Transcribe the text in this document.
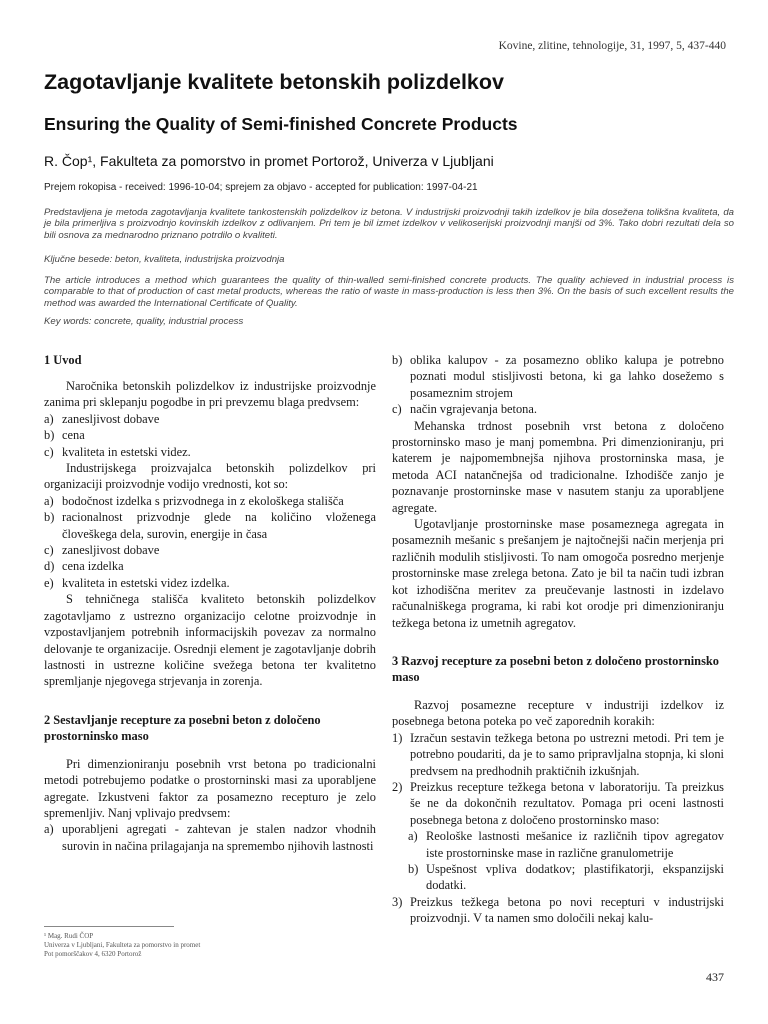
Kovine, zlitine, tehnologije, 31, 1997, 5, 437-440
Zagotavljanje kvalitete betonskih polizdelkov
Ensuring the Quality of Semi-finished Concrete Products
R. Čop¹, Fakulteta za pomorstvo in promet Portorož, Univerza v Ljubljani
Prejem rokopisa - received: 1996-10-04; sprejem za objavo - accepted for publication: 1997-04-21

Predstavljena je metoda zagotavljanja kvalitete tankostenskih polizdelkov iz betona. V industrijski proizvodnji takih izdelkov je bila dosežena tolikšna kvaliteta, da je bila primerljiva s proizvodnjo kovinskih izdelkov z odlivanjem. Pri tem je bil izmet izdelkov v velikoserijski proizvodnji manjši od 3%. Tako dobri rezultati dela so bili osnova za mednarodno priznano potrdilo o kvaliteti.

Ključne besede: beton, kvaliteta, industrijska proizvodnja

The article introduces a method which guarantees the quality of thin-walled semi-finished concrete products. The quality achieved in industrial process is comparable to that of production of cast metal products, whereas the ratio of waste in mass-production is less then 3%. On the basis of such excellent results the method was awarded the International Certificate of Quality.

Key words: concrete, quality, industrial process

1 Uvod

Naročnika betonskih polizdelkov iz industrijske proizvodnje zanima pri sklepanju pogodbe in pri prevzemu blaga predvsem:

a) zanesljivost dobave
b) cena
c) kvaliteta in estetski videz.

Industrijskega proizvajalca betonskih polizdelkov pri organizaciji proizvodnje vodijo vrednosti, kot so:

a) bodočnost izdelka s prizvodnega in z ekološkega stališča
b) racionalnost prizvodnje glede na količino vloženega človeškega dela, surovin, energije in časa
c) zanesljivost dobave
d) cena izdelka
e) kvaliteta in estetski videz izdelka.

S tehničnega stališča kvaliteto betonskih polizdelkov zagotavljamo z ustrezno organizacijo celotne proizvodnje in vzpostavljanjem potrebnih informacijskih povezav za normalno delovanje te organizacije. Osrednji element je zagotavljanje dobrih lastnosti in ustrezne količine svežega betona ter kvalitetno spremljanje njegovega strjevanja in zorenja.

2 Sestavljanje recepture za posebni beton z določeno prostorninsko maso

Pri dimenzioniranju posebnih vrst betona po tradicionalni metodi potrebujemo podatke o prostorninski masi za uporabljene agregate. Izkustveni faktor za posamezno recepturo je zelo spremenljiv. Nanj vplivajo predvsem:

a) uporabljeni agregati - zahtevan je stalen nadzor vhodnih surovin in načina prilagajanja na spremembo njihovih lastnosti
b) oblika kalupov - za posamezno obliko kalupa je potrebno poznati modul stisljivosti betona, ki ga lahko dosežemo s posameznim strojem
c) način vgrajevanja betona.

Mehanska trdnost posebnih vrst betona z določeno prostorninsko maso je manj pomembna. Pri dimenzioniranju, pri katerem je najpomembnejša njihova prostorninska masa, je metoda ACI natančnejša od tradicionalne. Izhodišče zanjo je poznavanje prostorninske mase v nasutem stanju za uporabljene agregate.

Ugotavljanje prostorninske mase posameznega agregata in posameznih mešanic s prešanjem je najtočnejši način merjenja pri različnih modulih stisljivosti. To nam omogoča posredno merjenje prostorninske mase zrelega betona. Zato je bil ta način tudi izbran kot izhodiščna meritev za preučevanje lastnosti in izdelavo računalniškega programa, ki rabi kot orodje pri dimenzioniranju težkega betona iz umetnih agregatov.

3 Razvoj recepture za posebni beton z določeno prostorninsko maso

Razvoj posamezne recepture v industriji izdelkov iz posebnega betona poteka po več zaporednih korakih:

1) Izračun sestavin težkega betona po ustrezni metodi. Pri tem je potrebno poudariti, da je to samo pripravljalna stopnja, ki sloni predvsem na predhodnih praktičnih izkušnjah.
2) Preizkus recepture težkega betona v laboratoriju. Ta preizkus še ne da dokončnih rezultatov. Pomaga pri oceni lastnosti posebnega betona z določeno prostorninsko maso:
a) Reološke lastnosti mešanice iz različnih tipov agregatov iste prostorninske mase in različne granulometrije
b) Uspešnost vpliva dodatkov; plastifikatorji, ekspanzijski dodatki.
3) Preizkus težkega betona po novi recepturi v industrijski proizvodnji. V ta namen smo določili nekaj kalu-
¹ Mag. Rudi ČOP
Univerza v Ljubljani, Fakulteta za pomorstvo in promet
Pot pomorščakov 4, 6320 Portorož
437
